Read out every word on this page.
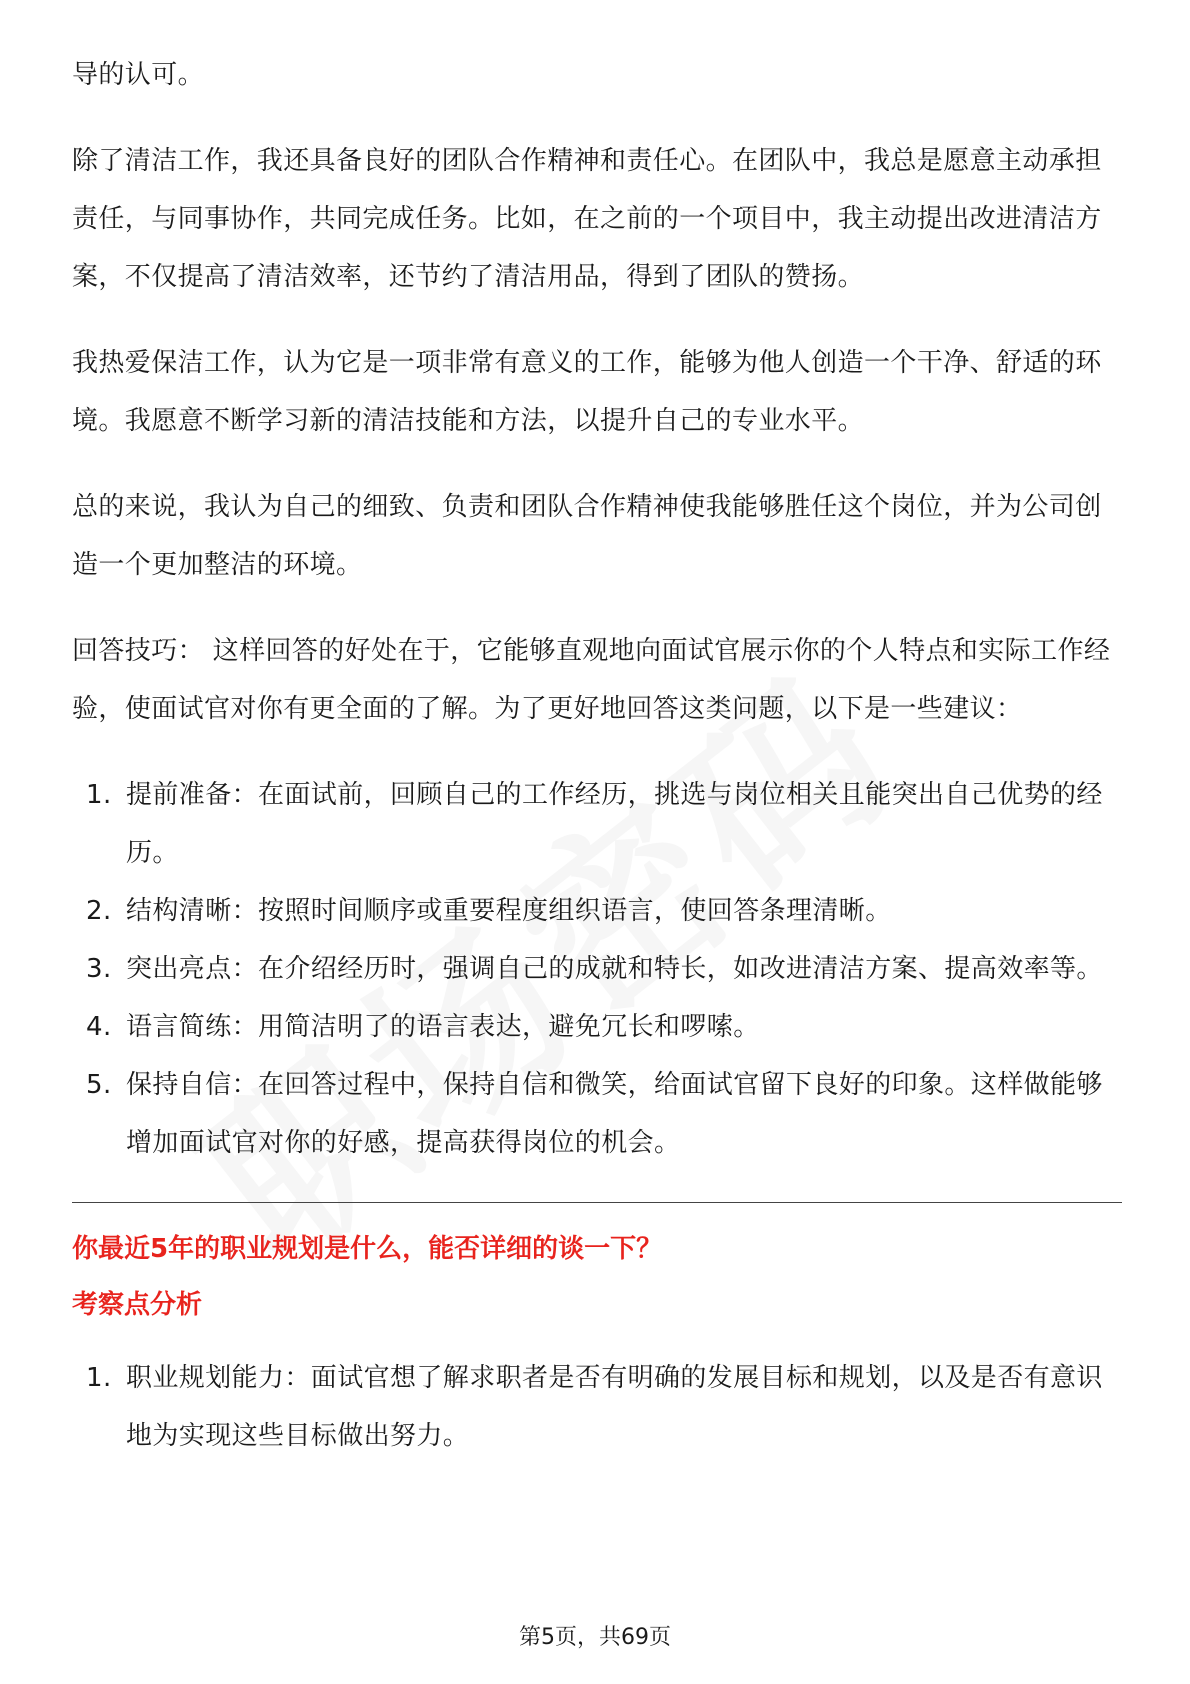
导的认可。

除了清洁工作，我还具备良好的团队合作精神和责任心。在团队中，我总是愿意主动承担责任，与同事协作，共同完成任务。比如，在之前的一个项目中，我主动提出改进清洁方案，不仅提高了清洁效率，还节约了清洁用品，得到了团队的赞扬。

我热爱保洁工作，认为它是一项非常有意义的工作，能够为他人创造一个干净、舒适的环境。我愿意不断学习新的清洁技能和方法，以提升自己的专业水平。

总的来说，我认为自己的细致、负责和团队合作精神使我能够胜任这个岗位，并为公司创造一个更加整洁的环境。

回答技巧： 这样回答的好处在于，它能够直观地向面试官展示你的个人特点和实际工作经验，使面试官对你有更全面的了解。为了更好地回答这类问题，以下是一些建议：

1. 提前准备：在面试前，回顾自己的工作经历，挑选与岗位相关且能突出自己优势的经历。
2. 结构清晰：按照时间顺序或重要程度组织语言，使回答条理清晰。
3. 突出亮点：在介绍经历时，强调自己的成就和特长，如改进清洁方案、提高效率等。
4. 语言简练：用简洁明了的语言表达，避免冗长和啰嗦。
5. 保持自信：在回答过程中，保持自信和微笑，给面试官留下良好的印象。这样做能够增加面试官对你的好感，提高获得岗位的机会。

你最近5年的职业规划是什么，能否详细的谈一下？

考察点分析

1. 职业规划能力：面试官想了解求职者是否有明确的发展目标和规划，以及是否有意识地为实现这些目标做出努力。
第5页，共69页
